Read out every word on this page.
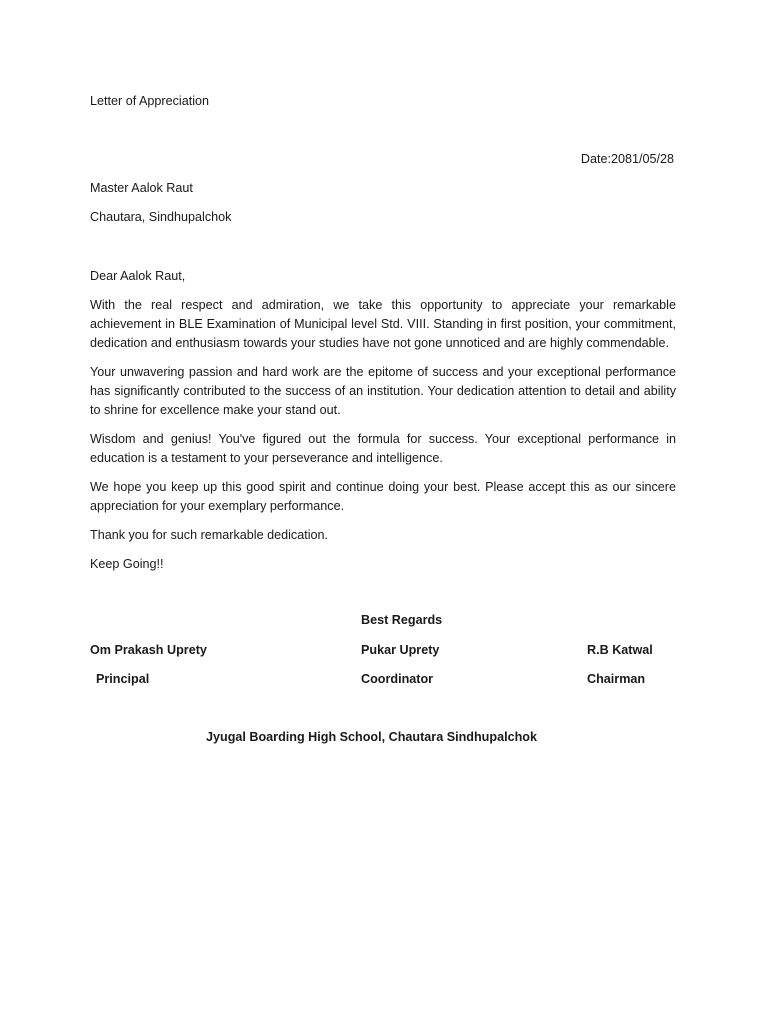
Letter of Appreciation
Date:2081/05/28
Master Aalok Raut
Chautara, Sindhupalchok
Dear Aalok Raut,
With the real respect and admiration, we take this opportunity to appreciate your remarkable achievement in BLE Examination of Municipal level Std. VIII. Standing in first position, your commitment, dedication and enthusiasm towards your studies have not gone unnoticed and are highly commendable.
Your unwavering passion and hard work are the epitome of success and your exceptional performance has significantly contributed to the success of an institution. Your dedication attention to detail and ability to shrine for excellence make your stand out.
Wisdom and genius! You've figured out the formula for success. Your exceptional performance in education is a testament to your perseverance and intelligence.
We hope you keep up this good spirit and continue doing your best. Please accept this as our sincere appreciation for your exemplary performance.
Thank you for such remarkable dedication.
Keep Going!!
Best Regards
Om Prakash Uprety	Pukar Uprety	R.B Katwal
Principal	Coordinator	Chairman
Jyugal Boarding High School, Chautara Sindhupalchok
